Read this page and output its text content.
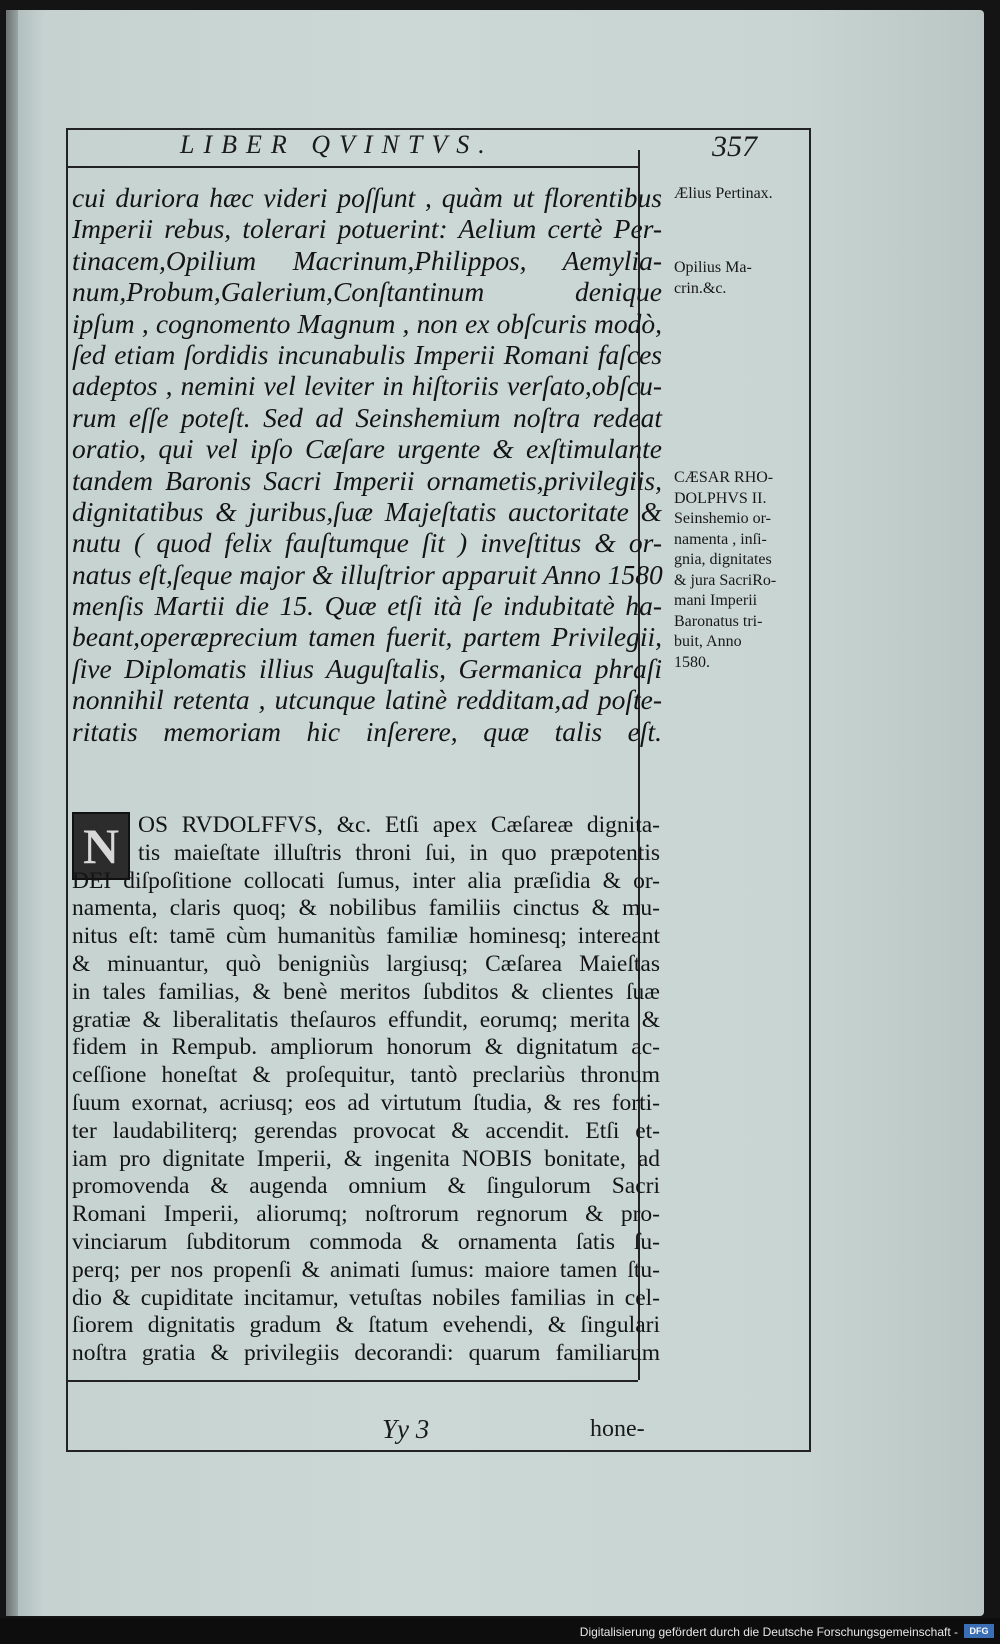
LIBER QVINTVS.	357
cui duriora hæc videri poſſunt , quàm ut florentibus
Imperii rebus, tolerari potuerint: Aelium certè Per-
tinacem,Opilium Macrinum,Philippos, Aemylia-
num,Probum,Galerium,Conſtantinum denique
ipſum , cognomento Magnum , non ex obſcuris modò,
ſed etiam ſordidis incunabulis Imperii Romani faſces
adeptos , nemini vel leviter in hiſtoriis verſato,obſcu-
rum eſſe poteſt. Sed ad Seinshemium noſtra redeat
oratio, qui vel ipſo Cæſare urgente & exſtimulante
tandem Baronis Sacri Imperii ornametis,privilegiis,
dignitatibus & juribus,ſuæ Majeſtatis auctoritate &
nutu ( quod felix fauſtumque ſit ) inveſtitus & or-
natus eſt,ſeque major & illuſtrior apparuit Anno 1580
menſis Martii die 15. Quæ etſi ità ſe indubitatè ha-
beant,operæprecium tamen fuerit, partem Privilegii,
ſive Diplomatis illius Auguſtalis, Germanica phraſi
nonnihil retenta , utcunque latinè redditam,ad poſte-
ritatis memoriam hic inſerere, quæ talis eſt.
N OS RVDOLFFVS, &c. Etſi apex Cæſareæ dignita-
tis maieſtate illuſtris throni ſui, in quo præpotentis
DEI diſpoſitione collocati ſumus, inter alia præſidia & or-
namenta, claris quoq; & nobilibus familiis cinctus & mu-
nitus eſt: tamē cùm humanitùs familiæ hominesq; intereant
& minuantur, quò benigniùs largiusq; Cæſarea Maieſtas
in tales familias, & benè meritos ſubditos & clientes ſuæ
gratiæ & liberalitatis theſauros effundit, eorumq; merita &
fidem in Rempub. ampliorum honorum & dignitatum ac-
ceſſione honeſtat & proſequitur, tantò preclariùs thronum
ſuum exornat, acriusq; eos ad virtutum ſtudia, & res forti-
ter laudabiliterq; gerendas provocat & accendit. Etſi et-
iam pro dignitate Imperii, & ingenita NOBIS bonitate, ad
promovenda & augenda omnium & ſingulorum Sacri
Romani Imperii, aliorumq; noſtrorum regnorum & pro-
vinciarum ſubditorum commoda & ornamenta ſatis ſu-
perq; per nos propenſi & animati ſumus: maiore tamen ſtu-
dio & cupiditate incitamur, vetuſtas nobiles familias in cel-
ſiorem dignitatis gradum & ſtatum evehendi, & ſingulari
noſtra gratia & privilegiis decorandi: quarum familiarum
Yy 3	hone-
Ælius Pertinax.
Opilius Ma-
crin.&c.
CÆSAR RHO-
DOLPHVS II.
Seinshemio or-
namenta , inſi-
gnia, dignitates
& jura SacriRo-
mani Imperii
Baronatus tri-
buit, Anno
1580.
Digitalisierung gefördert durch die Deutsche Forschungsgemeinschaft -	DFG
